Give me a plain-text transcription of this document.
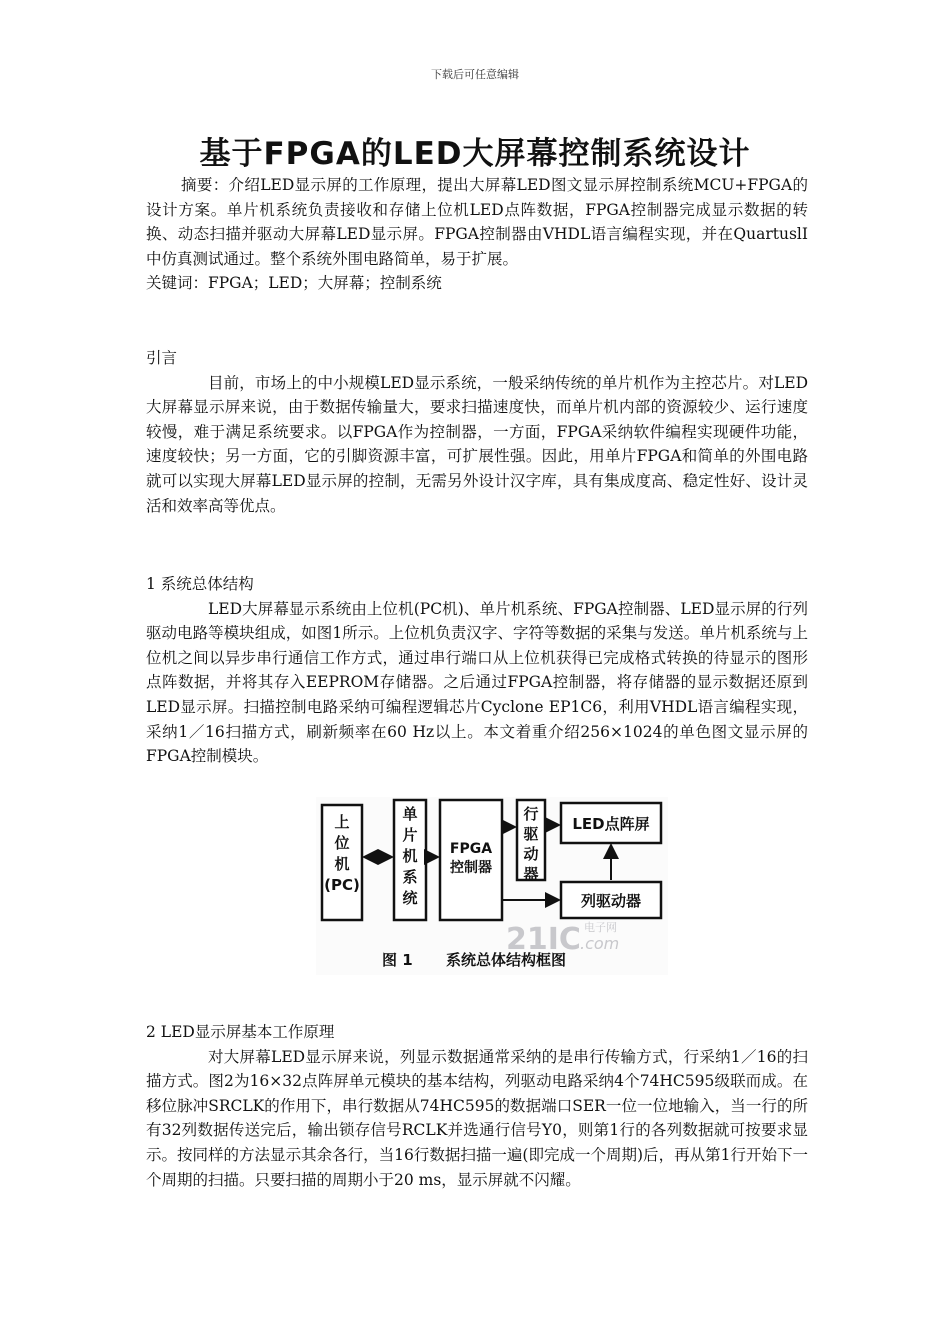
下载后可任意编辑
基于FPGA的LED大屏幕控制系统设计

摘要：介绍LED显示屏的工作原理，提出大屏幕LED图文显示屏控制系统MCU+FPGA的设计方案。单片机系统负责接收和存储上位机LED点阵数据，FPGA控制器完成显示数据的转换、动态扫描并驱动大屏幕LED显示屏。FPGA控制器由VHDL语言编程实现，并在QuartuslI中仿真测试通过。整个系统外围电路简单，易于扩展。

关键词：FPGA；LED；大屏幕；控制系统

引言

目前，市场上的中小规模LED显示系统，一般采纳传统的单片机作为主控芯片。对LED大屏幕显示屏来说，由于数据传输量大，要求扫描速度快，而单片机内部的资源较少、运行速度较慢，难于满足系统要求。以FPGA作为控制器，一方面，FPGA采纳软件编程实现硬件功能，速度较快；另一方面，它的引脚资源丰富，可扩展性强。因此，用单片FPGA和简单的外围电路就可以实现大屏幕LED显示屏的控制，无需另外设计汉字库，具有集成度高、稳定性好、设计灵活和效率高等优点。

1 系统总体结构

LED大屏幕显示系统由上位机(PC机)、单片机系统、FPGA控制器、LED显示屏的行列驱动电路等模块组成，如图1所示。上位机负责汉字、字符等数据的采集与发送。单片机系统与上位机之间以异步串行通信工作方式，通过串行端口从上位机获得已完成格式转换的待显示的图形点阵数据，并将其存入EEPROM存储器。之后通过FPGA控制器，将存储器的显示数据还原到LED显示屏。扫描控制电路采纳可编程逻辑芯片Cyclone EP1C6，利用VHDL语言编程实现，采纳1／16扫描方式，刷新频率在60 Hz以上。本文着重介绍256×1024的单色图文显示屏的FPGA控制模块。

上位机(PC)
单片机系统
FPGA 控制器
行驱动器
LED点阵屏
列驱动器
21IC 电子网
.com
图 1 系统总体结构框图

2 LED显示屏基本工作原理

对大屏幕LED显示屏来说，列显示数据通常采纳的是串行传输方式，行采纳1／16的扫描方式。图2为16×32点阵屏单元模块的基本结构，列驱动电路采纳4个74HC595级联而成。在移位脉冲SRCLK的作用下，串行数据从74HC595的数据端口SER一位一位地输入，当一行的所有32列数据传送完后，输出锁存信号RCLK并选通行信号Y0，则第1行的各列数据就可按要求显示。按同样的方法显示其余各行，当16行数据扫描一遍(即完成一个周期)后，再从第1行开始下一个周期的扫描。只要扫描的周期小于20 ms，显示屏就不闪耀。
